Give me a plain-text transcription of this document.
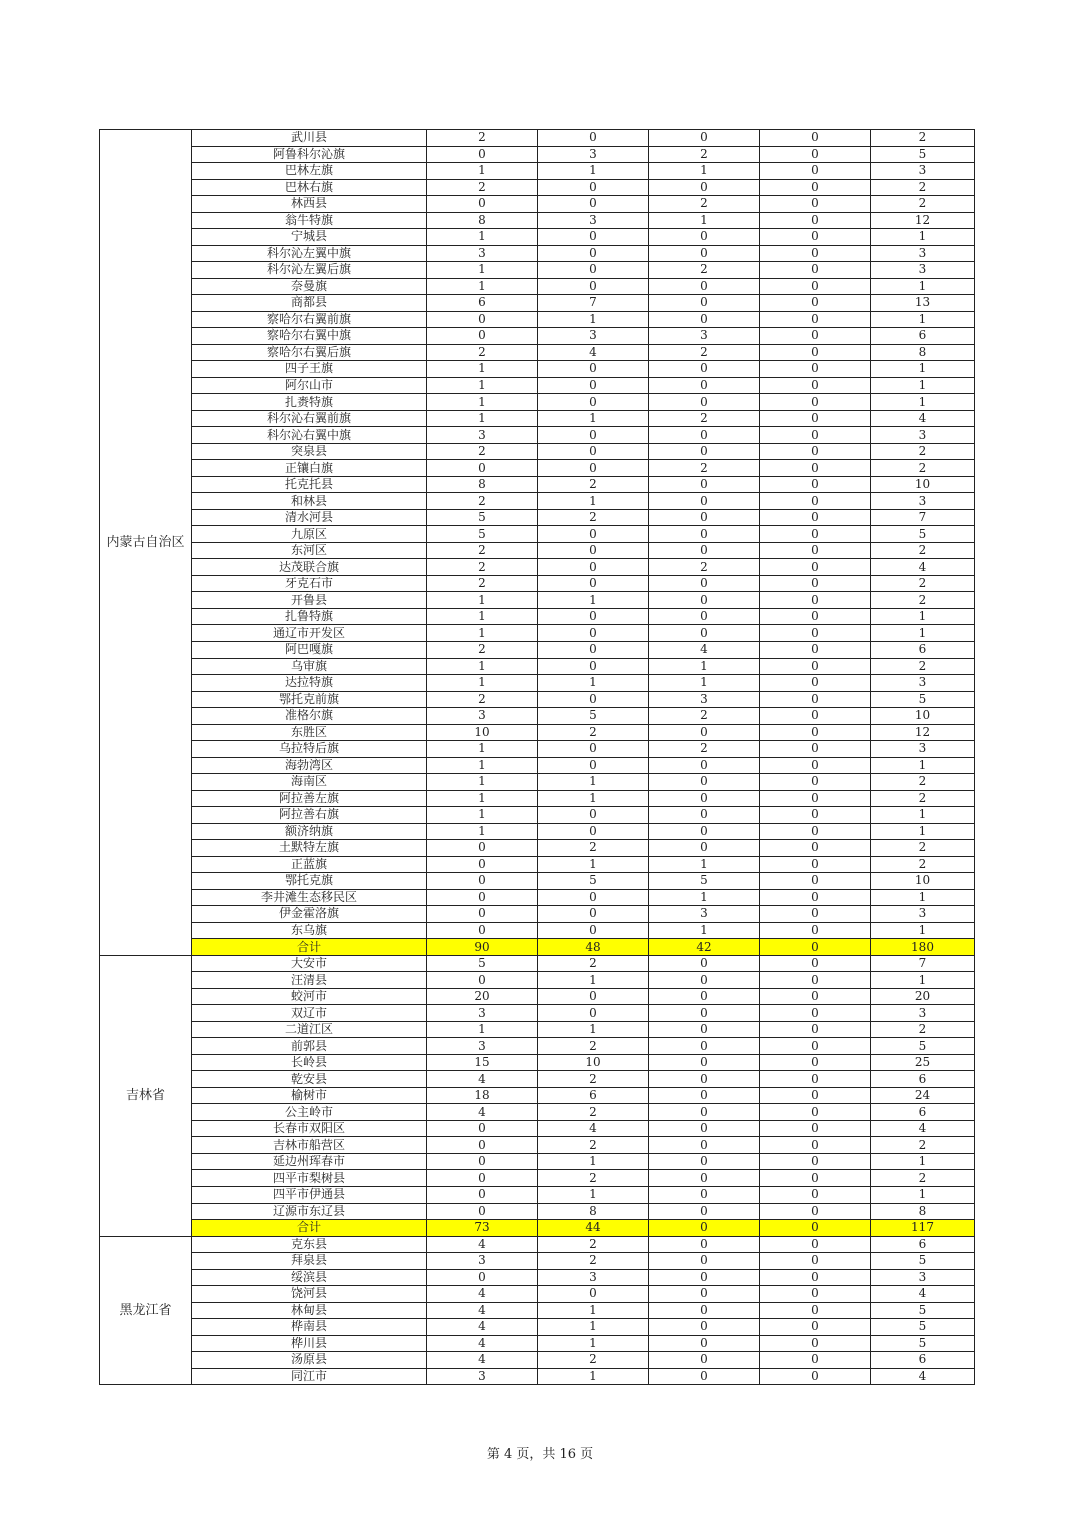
内蒙古自治区	武川县	2	0	0	0	2
	阿鲁科尔沁旗	0	3	2	0	5
	巴林左旗	1	1	1	0	3
	巴林右旗	2	0	0	0	2
	林西县	0	0	2	0	2
	翁牛特旗	8	3	1	0	12
	宁城县	1	0	0	0	1
	科尔沁左翼中旗	3	0	0	0	3
	科尔沁左翼后旗	1	0	2	0	3
	奈曼旗	1	0	0	0	1
	商都县	6	7	0	0	13
	察哈尔右翼前旗	0	1	0	0	1
	察哈尔右翼中旗	0	3	3	0	6
	察哈尔右翼后旗	2	4	2	0	8
	四子王旗	1	0	0	0	1
	阿尔山市	1	0	0	0	1
	扎赉特旗	1	0	0	0	1
	科尔沁右翼前旗	1	1	2	0	4
	科尔沁右翼中旗	3	0	0	0	3
	突泉县	2	0	0	0	2
	正镶白旗	0	0	2	0	2
	托克托县	8	2	0	0	10
	和林县	2	1	0	0	3
	清水河县	5	2	0	0	7
	九原区	5	0	0	0	5
	东河区	2	0	0	0	2
	达茂联合旗	2	0	2	0	4
	牙克石市	2	0	0	0	2
	开鲁县	1	1	0	0	2
	扎鲁特旗	1	0	0	0	1
	通辽市开发区	1	0	0	0	1
	阿巴嘎旗	2	0	4	0	6
	乌审旗	1	0	1	0	2
	达拉特旗	1	1	1	0	3
	鄂托克前旗	2	0	3	0	5
	准格尔旗	3	5	2	0	10
	东胜区	10	2	0	0	12
	乌拉特后旗	1	0	2	0	3
	海勃湾区	1	0	0	0	1
	海南区	1	1	0	0	2
	阿拉善左旗	1	1	0	0	2
	阿拉善右旗	1	0	0	0	1
	额济纳旗	1	0	0	0	1
	土默特左旗	0	2	0	0	2
	正蓝旗	0	1	1	0	2
	鄂托克旗	0	5	5	0	10
	李井滩生态移民区	0	0	1	0	1
	伊金霍洛旗	0	0	3	0	3
	东乌旗	0	0	1	0	1
	合计	90	48	42	0	180
吉林省	大安市	5	2	0	0	7
	汪清县	0	1	0	0	1
	蛟河市	20	0	0	0	20
	双辽市	3	0	0	0	3
	二道江区	1	1	0	0	2
	前郭县	3	2	0	0	5
	长岭县	15	10	0	0	25
	乾安县	4	2	0	0	6
	榆树市	18	6	0	0	24
	公主岭市	4	2	0	0	6
	长春市双阳区	0	4	0	0	4
	吉林市船营区	0	2	0	0	2
	延边州珲春市	0	1	0	0	1
	四平市梨树县	0	2	0	0	2
	四平市伊通县	0	1	0	0	1
	辽源市东辽县	0	8	0	0	8
	合计	73	44	0	0	117
黑龙江省	克东县	4	2	0	0	6
	拜泉县	3	2	0	0	5
	绥滨县	0	3	0	0	3
	饶河县	4	0	0	0	4
	林甸县	4	1	0	0	5
	桦南县	4	1	0	0	5
	桦川县	4	1	0	0	5
	汤原县	4	2	0	0	6
	同江市	3	1	0	0	4
第 4 页，共 16 页
